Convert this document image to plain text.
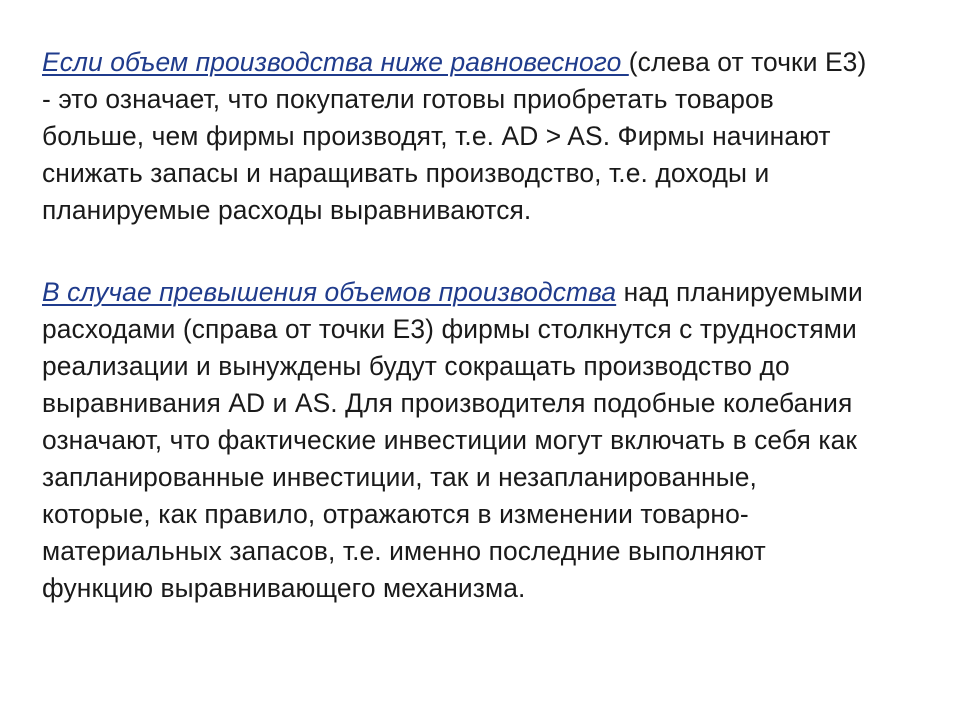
Если объем производства ниже равновесного (слева от точки Е3)
- это означает, что покупатели готовы приобретать товаров
больше, чем фирмы производят, т.е. AD > AS. Фирмы начинают
снижать запасы и наращивать производство, т.е. доходы и
планируемые расходы выравниваются.
В случае превышения объемов производства над планируемыми
расходами (справа от точки Е3) фирмы столкнутся с трудностями
реализации и вынуждены будут сокращать производство до
выравнивания AD и AS. Для производителя подобные колебания
означают, что фактические инвестиции могут включать в себя как
запланированные инвестиции, так и незапланированные,
которые, как правило, отражаются в изменении товарно-
материальных запасов, т.е. именно последние выполняют
функцию выравнивающего механизма.
